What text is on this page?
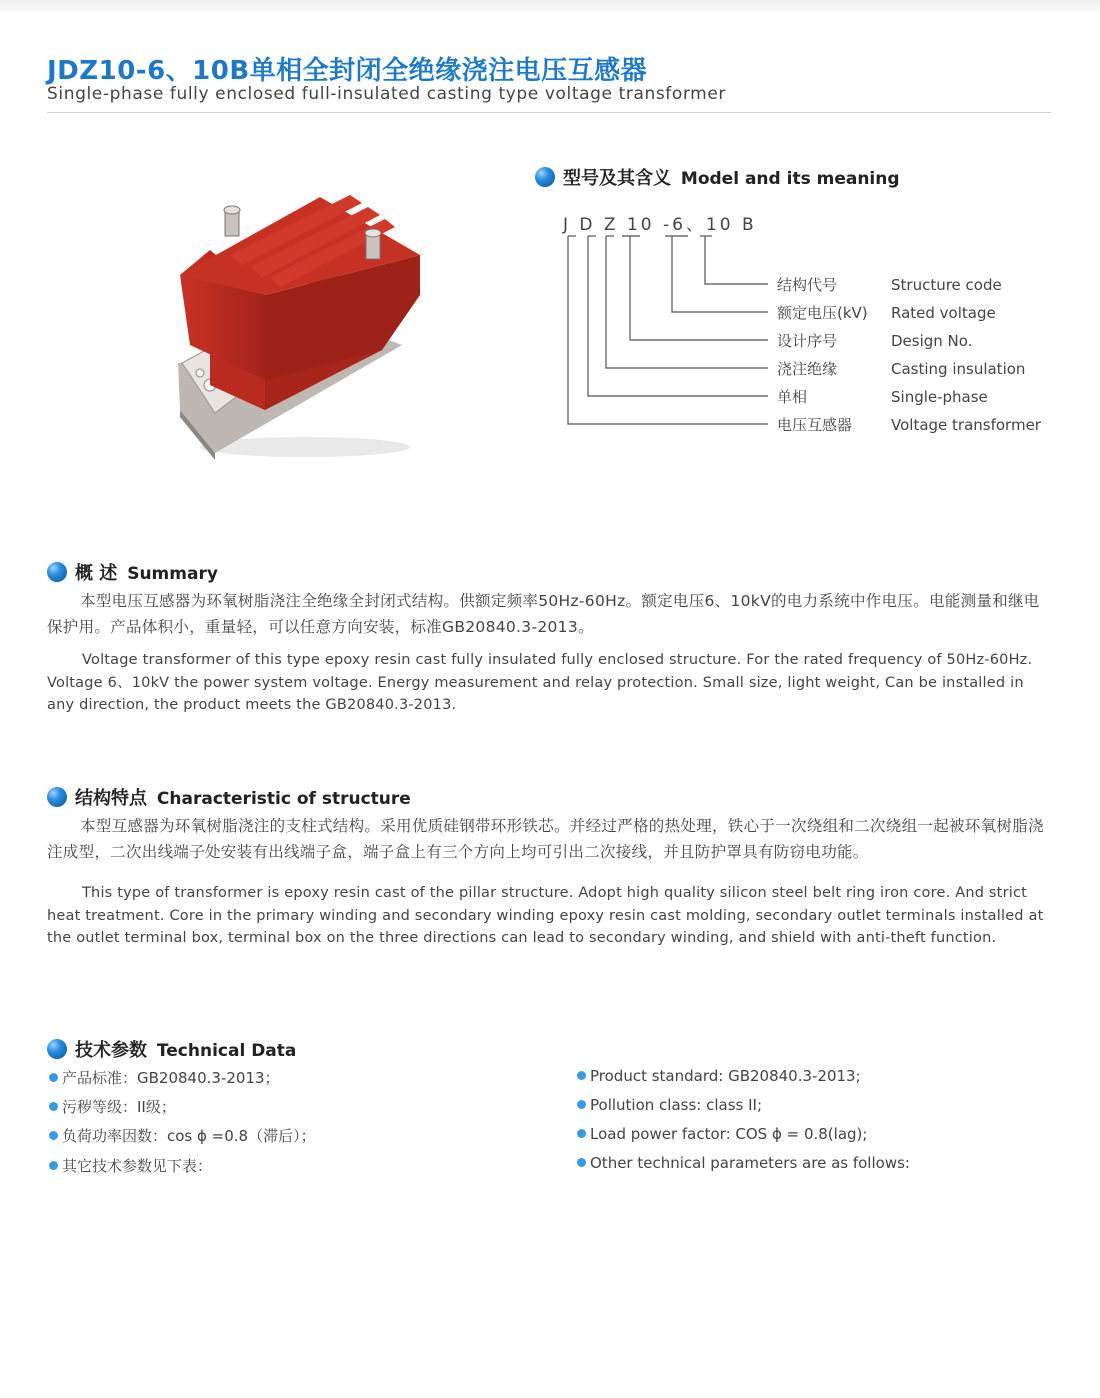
JDZ10-6、10B单相全封闭全绝缘浇注电压互感器

Single-phase fully enclosed full-insulated casting type voltage transformer

型号及其含义 Model and its meaning
J D Z 10 -6、10 B
结构代号	Structure code
额定电压(kV) Rated voltage
设计序号	Design No.
浇注绝缘	Casting insulation
单相	Single-phase
电压互感器	Voltage transformer
概 述 Summary

本型电压互感器为环氧树脂浇注全绝缘全封闭式结构。供额定频率50Hz-60Hz。额定电压6、10kV的电力系统中作电压。电能测量和继电保护用。产品体积小，重量轻，可以任意方向安装，标准GB20840.3-2013。

Voltage transformer of this type epoxy resin cast fully insulated fully enclosed structure. For the rated frequency of 50Hz-60Hz. Voltage 6、10kV the power system voltage. Energy measurement and relay protection. Small size, light weight, Can be installed in any direction, the product meets the GB20840.3-2013.

结构特点 Characteristic of structure

本型互感器为环氧树脂浇注的支柱式结构。采用优质硅钢带环形铁芯。并经过严格的热处理，铁心于一次绕组和二次绕组一起被环氧树脂浇注成型，二次出线端子处安装有出线端子盒，端子盒上有三个方向上均可引出二次接线，并且防护罩具有防窃电功能。

This type of transformer is epoxy resin cast of the pillar structure. Adopt high quality silicon steel belt ring iron core. And strict heat treatment. Core in the primary winding and secondary winding epoxy resin cast molding, secondary outlet terminals installed at the outlet terminal box, terminal box on the three directions can lead to secondary winding, and shield with anti-theft function.

技术参数 Technical Data
产品标准：GB20840.3-2013；
污秽等级：II级；
负荷功率因数：cos ϕ =0.8（滞后）；
其它技术参数见下表：
Product standard: GB20840.3-2013;
Pollution class: class II;
Load power factor: COS ϕ = 0.8(lag);
Other technical parameters are as follows:
